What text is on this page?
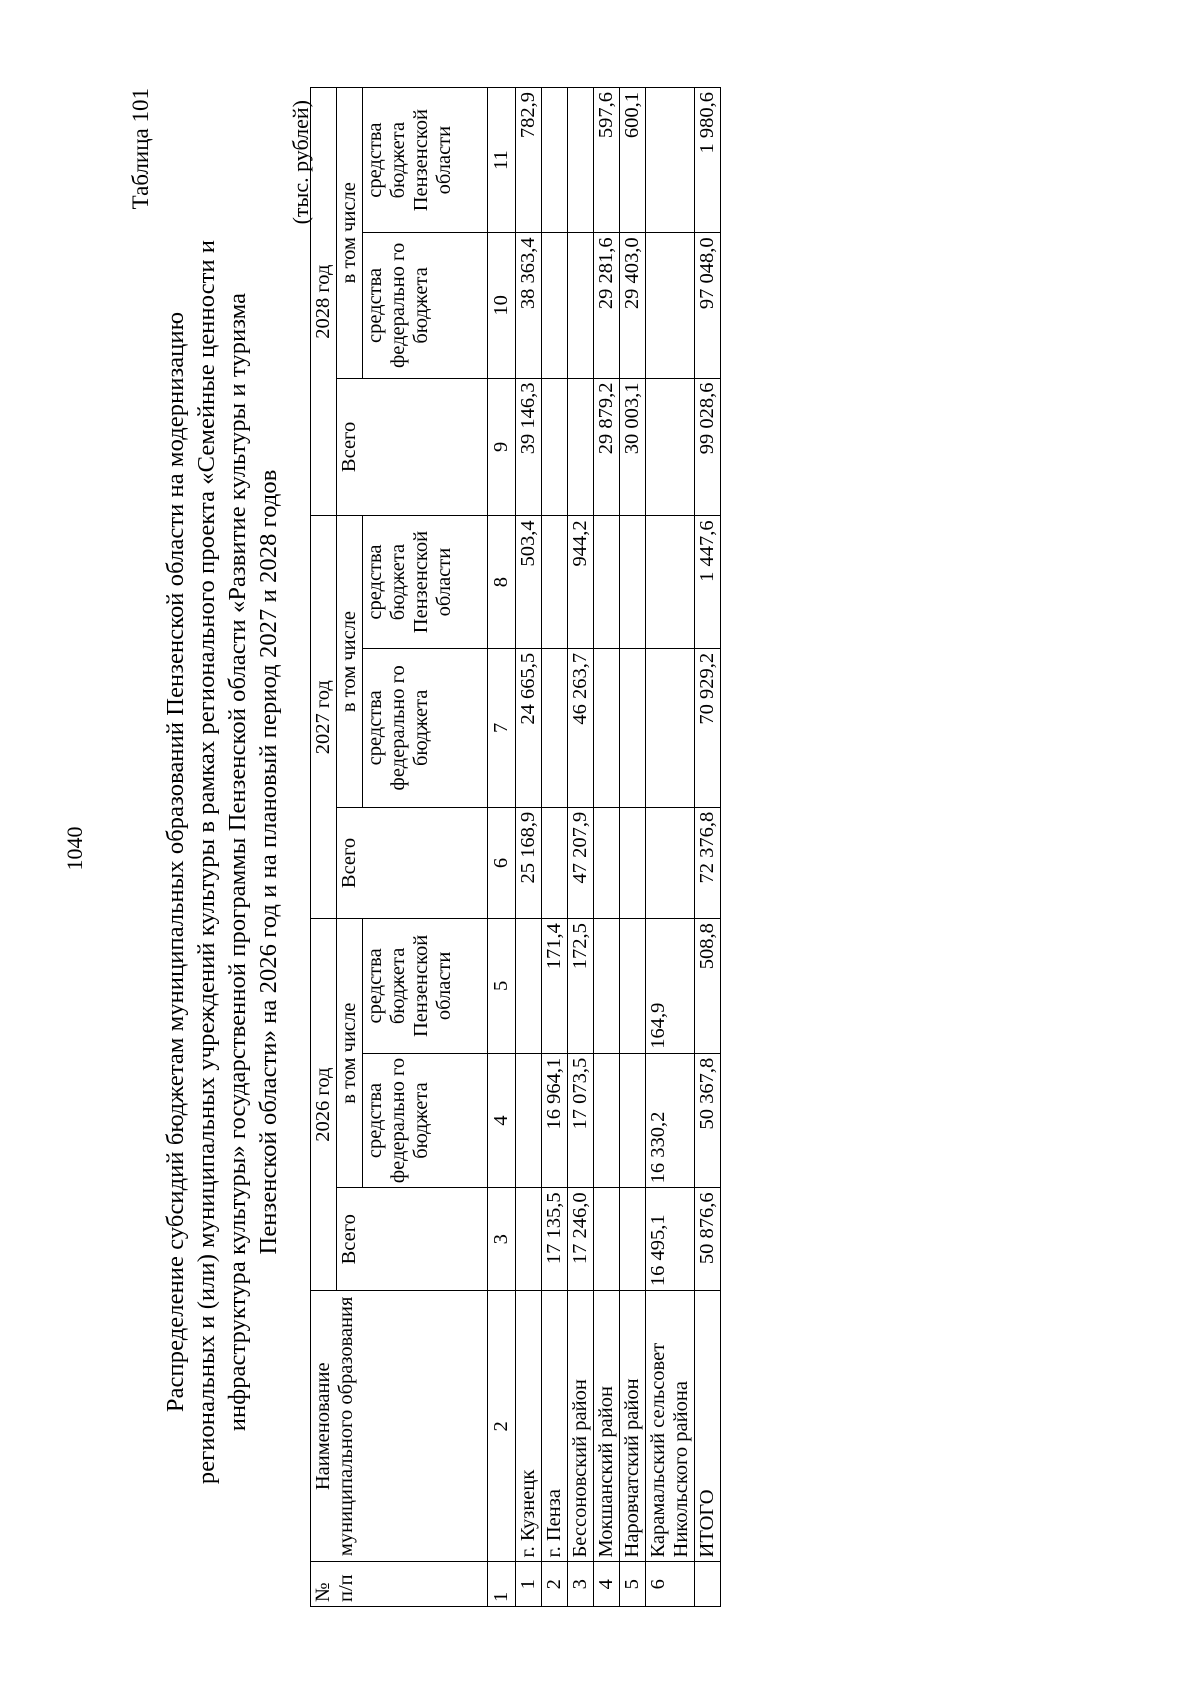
1040
Таблица 101
Распределение субсидий бюджетам муниципальных образований Пензенской области на модернизацию региональных и (или) муниципальных учреждений культуры в рамках регионального проекта «Семейные ценности и инфраструктура культуры» государственной программы Пензенской области «Развитие культуры и туризма Пензенской области» на 2026 год и на плановый период 2027 и 2028 годов
(тыс. рублей)
№ п/п	Наименование муниципального образования	2026 год			2027 год			2028 год		
		Всего	в том числе		Всего	в том числе		Всего	в том числе	
			средства федерально го бюджета	средства бюджета Пензенской области		средства федерально го бюджета	средства бюджета Пензенской области		средства федерально го бюджета	средства бюджета Пензенской области
1	2	3	4	5	6	7	8	9	10	11
1	г. Кузнецк				25 168,9	24 665,5	503,4	39 146,3	38 363,4	782,9
2	г. Пенза	17 135,5	16 964,1	171,4						
3	Бессоновский район	17 246,0	17 073,5	172,5	47 207,9	46 263,7	944,2			
4	Мокшанский район							29 879,2	29 281,6	597,6
5	Наровчатский район							30 003,1	29 403,0	600,1
6	Карамальский сельсовет Никольского района	16 495,1	16 330,2	164,9						
	ИТОГО	50 876,6	50 367,8	508,8	72 376,8	70 929,2	1 447,6	99 028,6	97 048,0	1 980,6
